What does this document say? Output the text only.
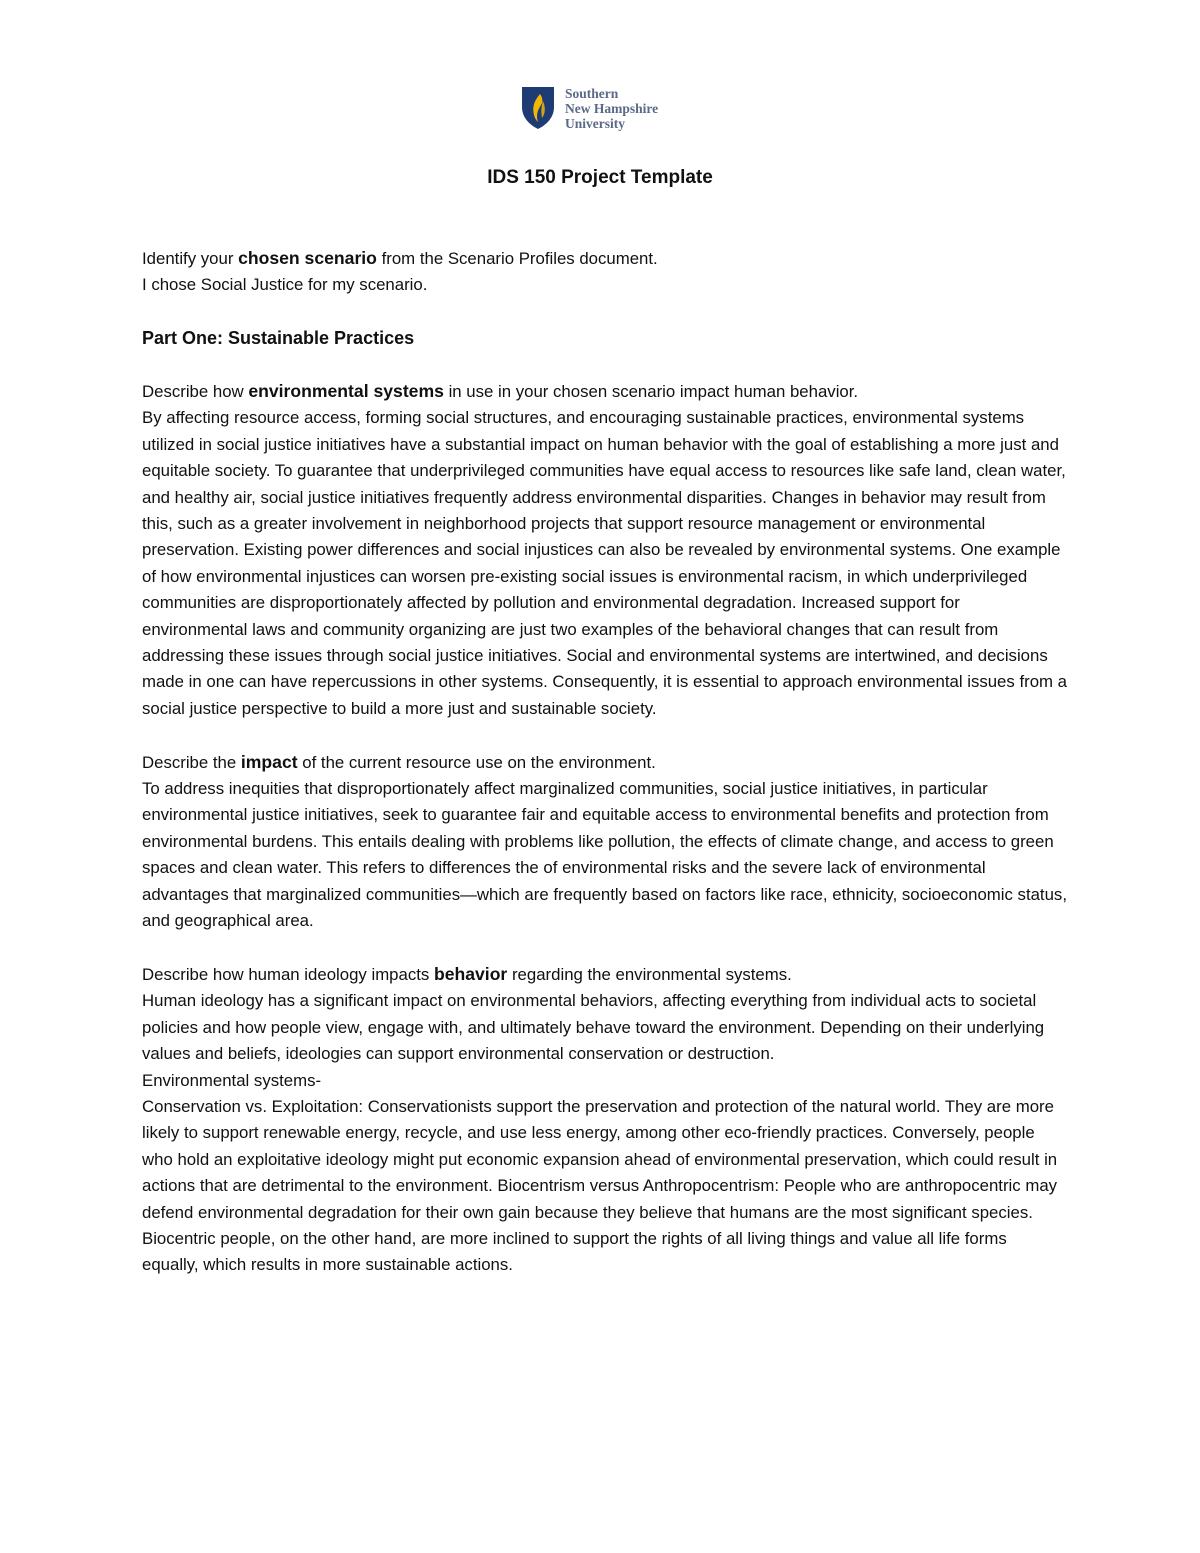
Southern
New Hampshire
University
IDS 150 Project Template

Identify your chosen scenario from the Scenario Profiles document.

I chose Social Justice for my scenario.

Part One: Sustainable Practices

Describe how environmental systems in use in your chosen scenario impact human behavior.

By affecting resource access, forming social structures, and encouraging sustainable practices, environmental systems utilized in social justice initiatives have a substantial impact on human behavior with the goal of establishing a more just and equitable society. To guarantee that underprivileged communities have equal access to resources like safe land, clean water, and healthy air, social justice initiatives frequently address environmental disparities. Changes in behavior may result from this, such as a greater involvement in neighborhood projects that support resource management or environmental preservation. Existing power differences and social injustices can also be revealed by environmental systems. One example of how environmental injustices can worsen pre-existing social issues is environmental racism, in which underprivileged communities are disproportionately affected by pollution and environmental degradation. Increased support for environmental laws and community organizing are just two examples of the behavioral changes that can result from addressing these issues through social justice initiatives. Social and environmental systems are intertwined, and decisions made in one can have repercussions in other systems. Consequently, it is essential to approach environmental issues from a social justice perspective to build a more just and sustainable society.

Describe the impact of the current resource use on the environment.

To address inequities that disproportionately affect marginalized communities, social justice initiatives, in particular environmental justice initiatives, seek to guarantee fair and equitable access to environmental benefits and protection from environmental burdens. This entails dealing with problems like pollution, the effects of climate change, and access to green spaces and clean water. This refers to differences the of environmental risks and the severe lack of environmental advantages that marginalized communities—which are frequently based on factors like race, ethnicity, socioeconomic status, and geographical area.

Describe how human ideology impacts behavior regarding the environmental systems.

Human ideology has a significant impact on environmental behaviors, affecting everything from individual acts to societal policies and how people view, engage with, and ultimately behave toward the environment. Depending on their underlying values and beliefs, ideologies can support environmental conservation or destruction.

Environmental systems-

Conservation vs. Exploitation: Conservationists support the preservation and protection of the natural world. They are more likely to support renewable energy, recycle, and use less energy, among other eco-friendly practices. Conversely, people who hold an exploitative ideology might put economic expansion ahead of environmental preservation, which could result in actions that are detrimental to the environment. Biocentrism versus Anthropocentrism: People who are anthropocentric may defend environmental degradation for their own gain because they believe that humans are the most significant species. Biocentric people, on the other hand, are more inclined to support the rights of all living things and value all life forms equally, which results in more sustainable actions.
